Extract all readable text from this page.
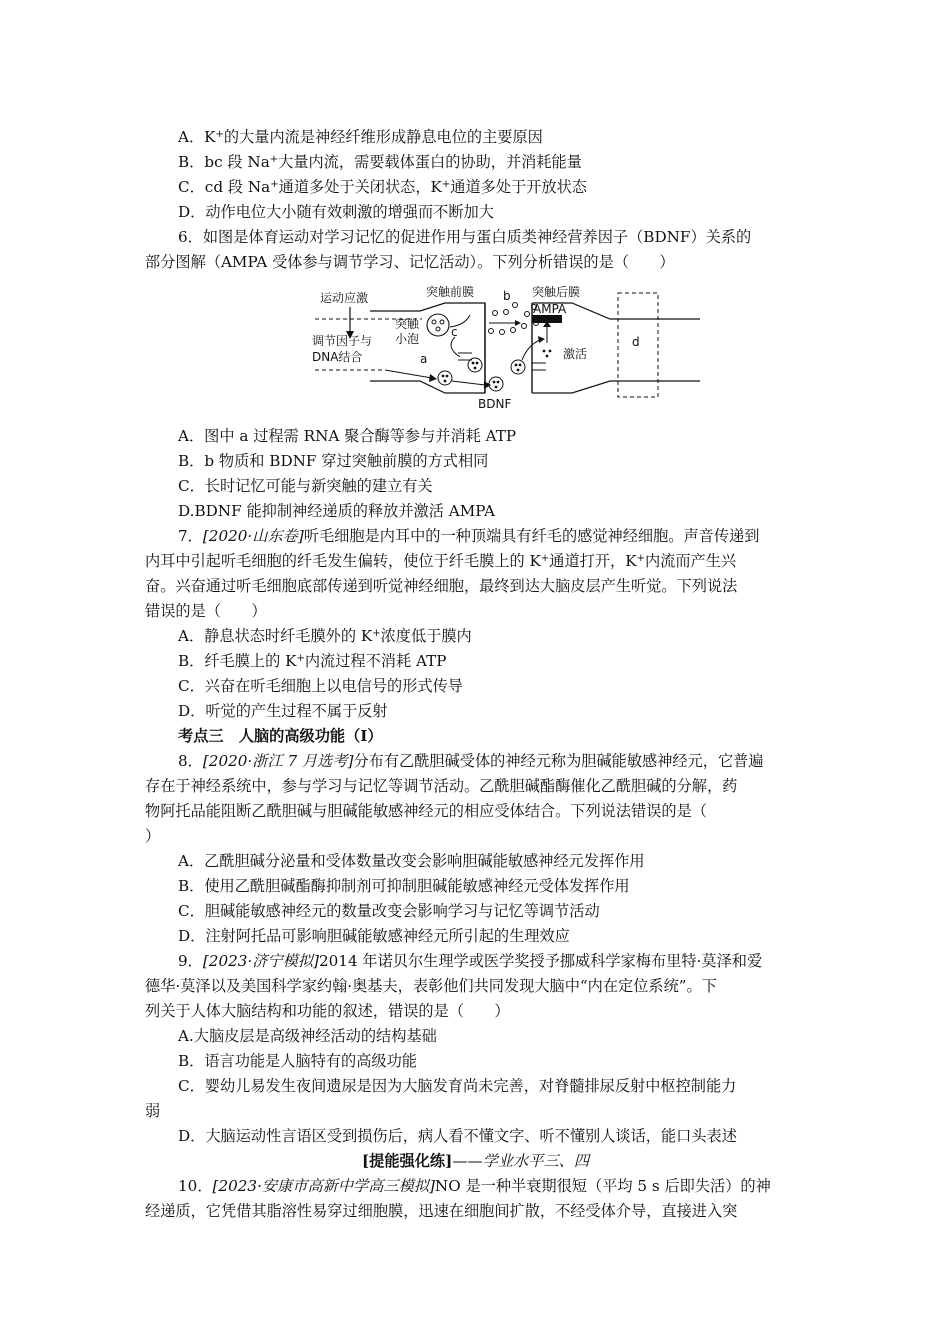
A．K+的大量内流是神经纤维形成静息电位的主要原因
B．bc 段 Na+大量内流，需要载体蛋白的协助，并消耗能量
C．cd 段 Na+通道多处于关闭状态，K+通道多处于开放状态
D．动作电位大小随有效刺激的增强而不断加大
6．如图是体育运动对学习记忆的促进作用与蛋白质类神经营养因子（BDNF）关系的
部分图解（AMPA 受体参与调节学习、记忆活动）。下列分析错误的是（　　）
运动应激
调节因子与
DNA结合
突触前膜
突触
小泡	c
a
b
BDNF
突触后膜
AMPA
激活
d
A．图中 a 过程需 RNA 聚合酶等参与并消耗 ATP
B．b 物质和 BDNF 穿过突触前膜的方式相同
C．长时记忆可能与新突触的建立有关
D.BDNF 能抑制神经递质的释放并激活 AMPA
7．[2020·山东卷]听毛细胞是内耳中的一种顶端具有纤毛的感觉神经细胞。声音传递到
内耳中引起听毛细胞的纤毛发生偏转，使位于纤毛膜上的 K+通道打开，K+内流而产生兴
奋。兴奋通过听毛细胞底部传递到听觉神经细胞，最终到达大脑皮层产生听觉。下列说法
错误的是（　　）
A．静息状态时纤毛膜外的 K+浓度低于膜内
B．纤毛膜上的 K+内流过程不消耗 ATP
C．兴奋在听毛细胞上以电信号的形式传导
D．听觉的产生过程不属于反射
考点三　人脑的高级功能（Ⅰ）
8．[2020·浙江 7 月选考]分布有乙酰胆碱受体的神经元称为胆碱能敏感神经元，它普遍
存在于神经系统中，参与学习与记忆等调节活动。乙酰胆碱酯酶催化乙酰胆碱的分解，药
物阿托品能阻断乙酰胆碱与胆碱能敏感神经元的相应受体结合。下列说法错误的是（
）
A．乙酰胆碱分泌量和受体数量改变会影响胆碱能敏感神经元发挥作用
B．使用乙酰胆碱酯酶抑制剂可抑制胆碱能敏感神经元受体发挥作用
C．胆碱能敏感神经元的数量改变会影响学习与记忆等调节活动
D．注射阿托品可影响胆碱能敏感神经元所引起的生理效应
9．[2023·济宁模拟]2014 年诺贝尔生理学或医学奖授予挪威科学家梅布里特·莫泽和爱
德华·莫泽以及美国科学家约翰·奥基夫，表彰他们共同发现大脑中“内在定位系统”。下
列关于人体大脑结构和功能的叙述，错误的是（　　）
A.大脑皮层是高级神经活动的结构基础
B．语言功能是人脑特有的高级功能
C．婴幼儿易发生夜间遗尿是因为大脑发育尚未完善，对脊髓排尿反射中枢控制能力
弱
D．大脑运动性言语区受到损伤后，病人看不懂文字、听不懂别人谈话，能口头表述
[提能强化练]——学业水平三、四
10．[2023·安康市高新中学高三模拟]NO 是一种半衰期很短（平均 5 s 后即失活）的神
经递质，它凭借其脂溶性易穿过细胞膜，迅速在细胞间扩散，不经受体介导，直接进入突
